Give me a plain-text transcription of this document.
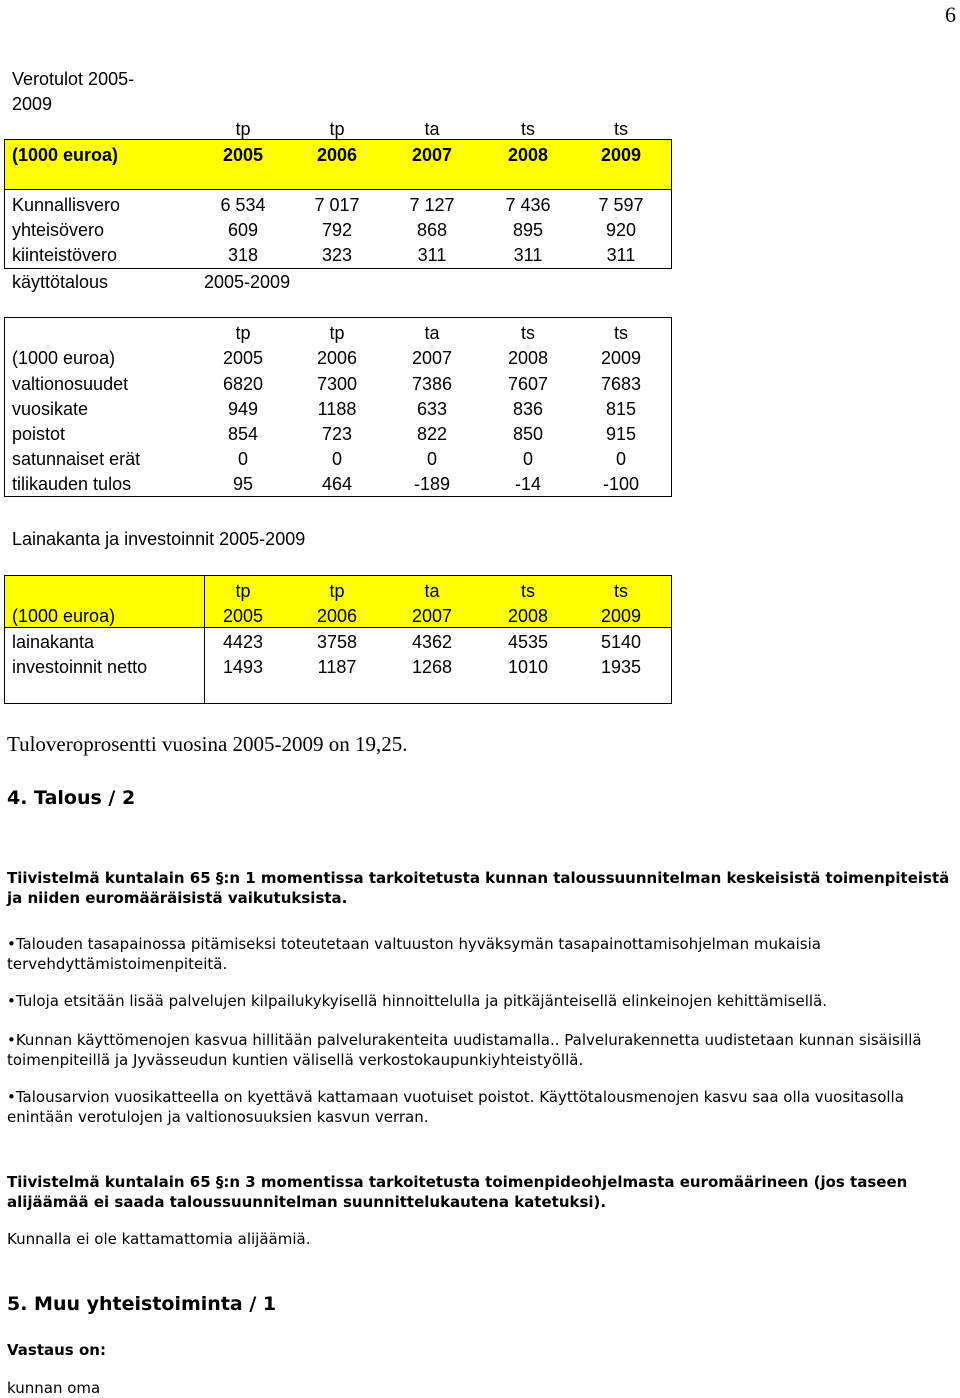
6
Verotulot 2005-
2009
tp	tp	ta	ts	ts
(1000 euroa)	2005	2006	2007	2008	2009
Kunnallisvero	6 534	7 017	7 127	7 436	7 597
yhteisövero	609	792	868	895	920
kiinteistövero	318	323	311	311	311
käyttötalous	2005-2009
tp	tp	ta	ts	ts
(1000 euroa)	2005	2006	2007	2008	2009
valtionosuudet	6820	7300	7386	7607	7683
vuosikate	949	1188	633	836	815
poistot	854	723	822	850	915
satunnaiset erät	0	0	0	0	0
tilikauden tulos	95	464	-189	-14	-100
Lainakanta ja investoinnit 2005-2009
tp	tp	ta	ts	ts
(1000 euroa)	2005	2006	2007	2008	2009
lainakanta	4423	3758	4362	4535	5140
investoinnit netto	1493	1187	1268	1010	1935
Tuloveroprosentti vuosina 2005-2009 on 19,25.
4. Talous / 2

Tiivistelmä kuntalain 65 §:n 1 momentissa tarkoitetusta kunnan taloussuunnitelman keskeisistä toimenpiteistä ja niiden euromääräisistä vaikutuksista.

•Talouden tasapainossa pitämiseksi toteutetaan valtuuston hyväksymän tasapainottamisohjelman mukaisia tervehdyttämistoimenpiteitä.

•Tuloja etsitään lisää palvelujen kilpailukykyisellä hinnoittelulla ja pitkäjänteisellä elinkeinojen kehittämisellä.

•Kunnan käyttömenojen kasvua hillitään palvelurakenteita uudistamalla.. Palvelurakennetta uudistetaan kunnan sisäisillä toimenpiteillä ja Jyvässeudun kuntien välisellä verkostokaupunkiyhteistyöllä.

•Talousarvion vuosikatteella on kyettävä kattamaan vuotuiset poistot. Käyttötalousmenojen kasvu saa olla vuositasolla enintään verotulojen ja valtionosuuksien kasvun verran.

Tiivistelmä kuntalain 65 §:n 3 momentissa tarkoitetusta toimenpideohjelmasta euromäärineen (jos taseen alijäämää ei saada taloussuunnitelman suunnittelukautena katetuksi).

Kunnalla ei ole kattamattomia alijäämiä.

5. Muu yhteistoiminta / 1

Vastaus on:

kunnan oma
